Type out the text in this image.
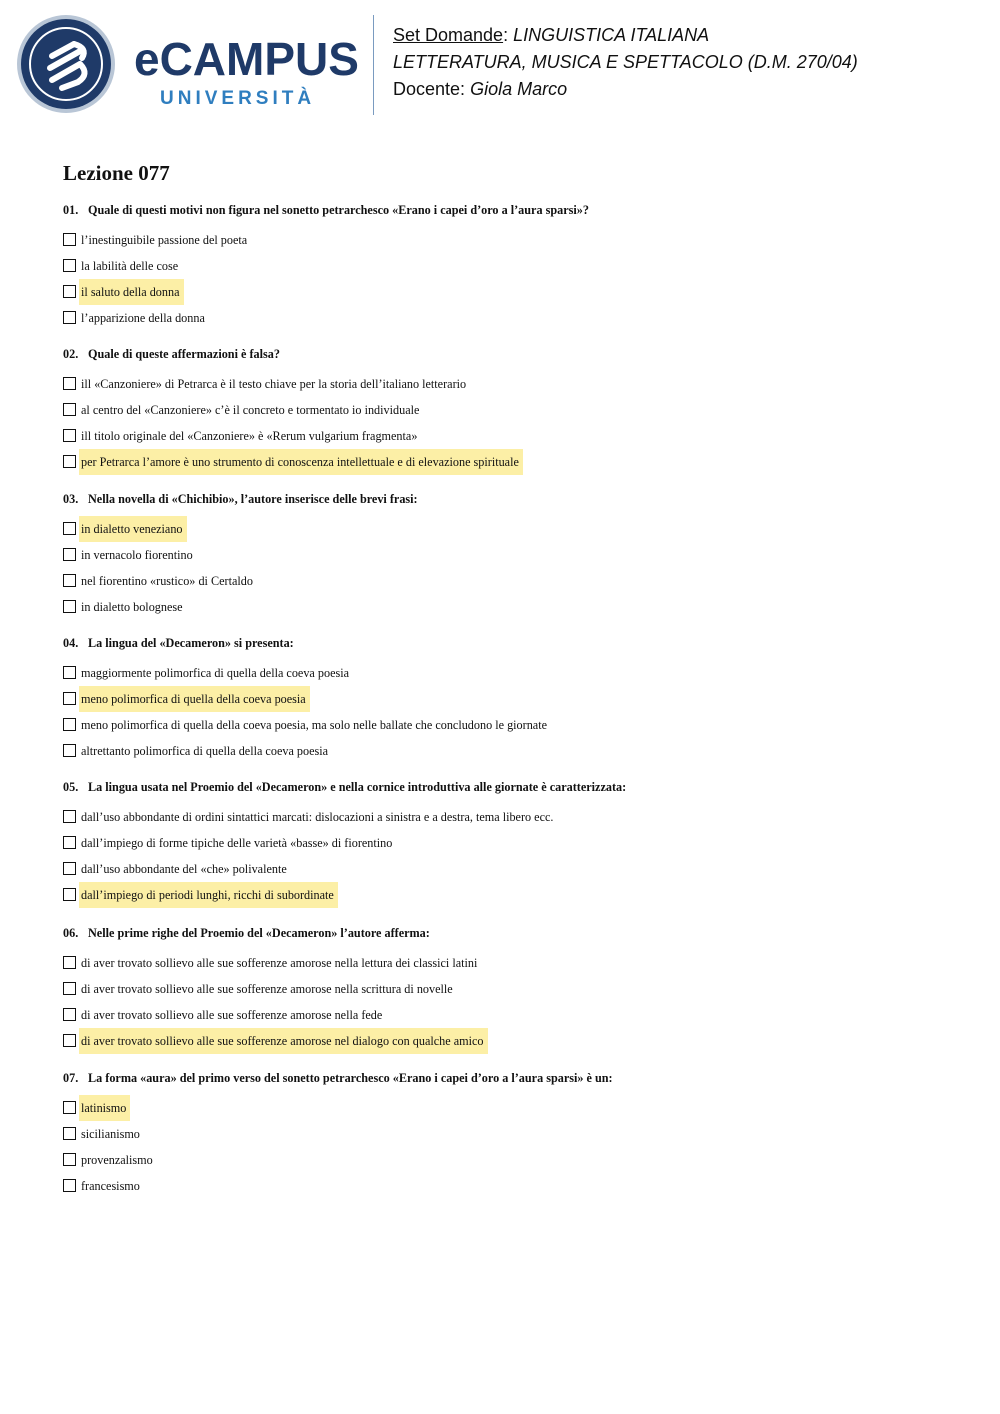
eCAMPUS
UNIVERSITÀ
Set Domande: LINGUISTICA ITALIANA
LETTERATURA, MUSICA E SPETTACOLO (D.M. 270/04)
Docente: Giola Marco
Lezione 077
01. Quale di questi motivi non figura nel sonetto petrarchesco «Erano i capei d’oro a l’aura sparsi»?
l’inestinguibile passione del poeta
la labilità delle cose
il saluto della donna
l’apparizione della donna
02. Quale di queste affermazioni è falsa?
ill «Canzoniere» di Petrarca è il testo chiave per la storia dell’italiano letterario
al centro del «Canzoniere» c’è il concreto e tormentato io individuale
ill titolo originale del «Canzoniere» è «Rerum vulgarium fragmenta»
per Petrarca l’amore è uno strumento di conoscenza intellettuale e di elevazione spirituale
03. Nella novella di «Chichibio», l’autore inserisce delle brevi frasi:
in dialetto veneziano
in vernacolo fiorentino
nel fiorentino «rustico» di Certaldo
in dialetto bolognese
04. La lingua del «Decameron» si presenta:
maggiormente polimorfica di quella della coeva poesia
meno polimorfica di quella della coeva poesia
meno polimorfica di quella della coeva poesia, ma solo nelle ballate che concludono le giornate
altrettanto polimorfica di quella della coeva poesia
05. La lingua usata nel Proemio del «Decameron» e nella cornice introduttiva alle giornate è caratterizzata:
dall’uso abbondante di ordini sintattici marcati: dislocazioni a sinistra e a destra, tema libero ecc.
dall’impiego di forme tipiche delle varietà «basse» di fiorentino
dall’uso abbondante del «che» polivalente
dall’impiego di periodi lunghi, ricchi di subordinate
06. Nelle prime righe del Proemio del «Decameron» l’autore afferma:
di aver trovato sollievo alle sue sofferenze amorose nella lettura dei classici latini
di aver trovato sollievo alle sue sofferenze amorose nella scrittura di novelle
di aver trovato sollievo alle sue sofferenze amorose nella fede
di aver trovato sollievo alle sue sofferenze amorose nel dialogo con qualche amico
07. La forma «aura» del primo verso del sonetto petrarchesco «Erano i capei d’oro a l’aura sparsi» è un:
latinismo
sicilianismo
provenzalismo
francesismo
